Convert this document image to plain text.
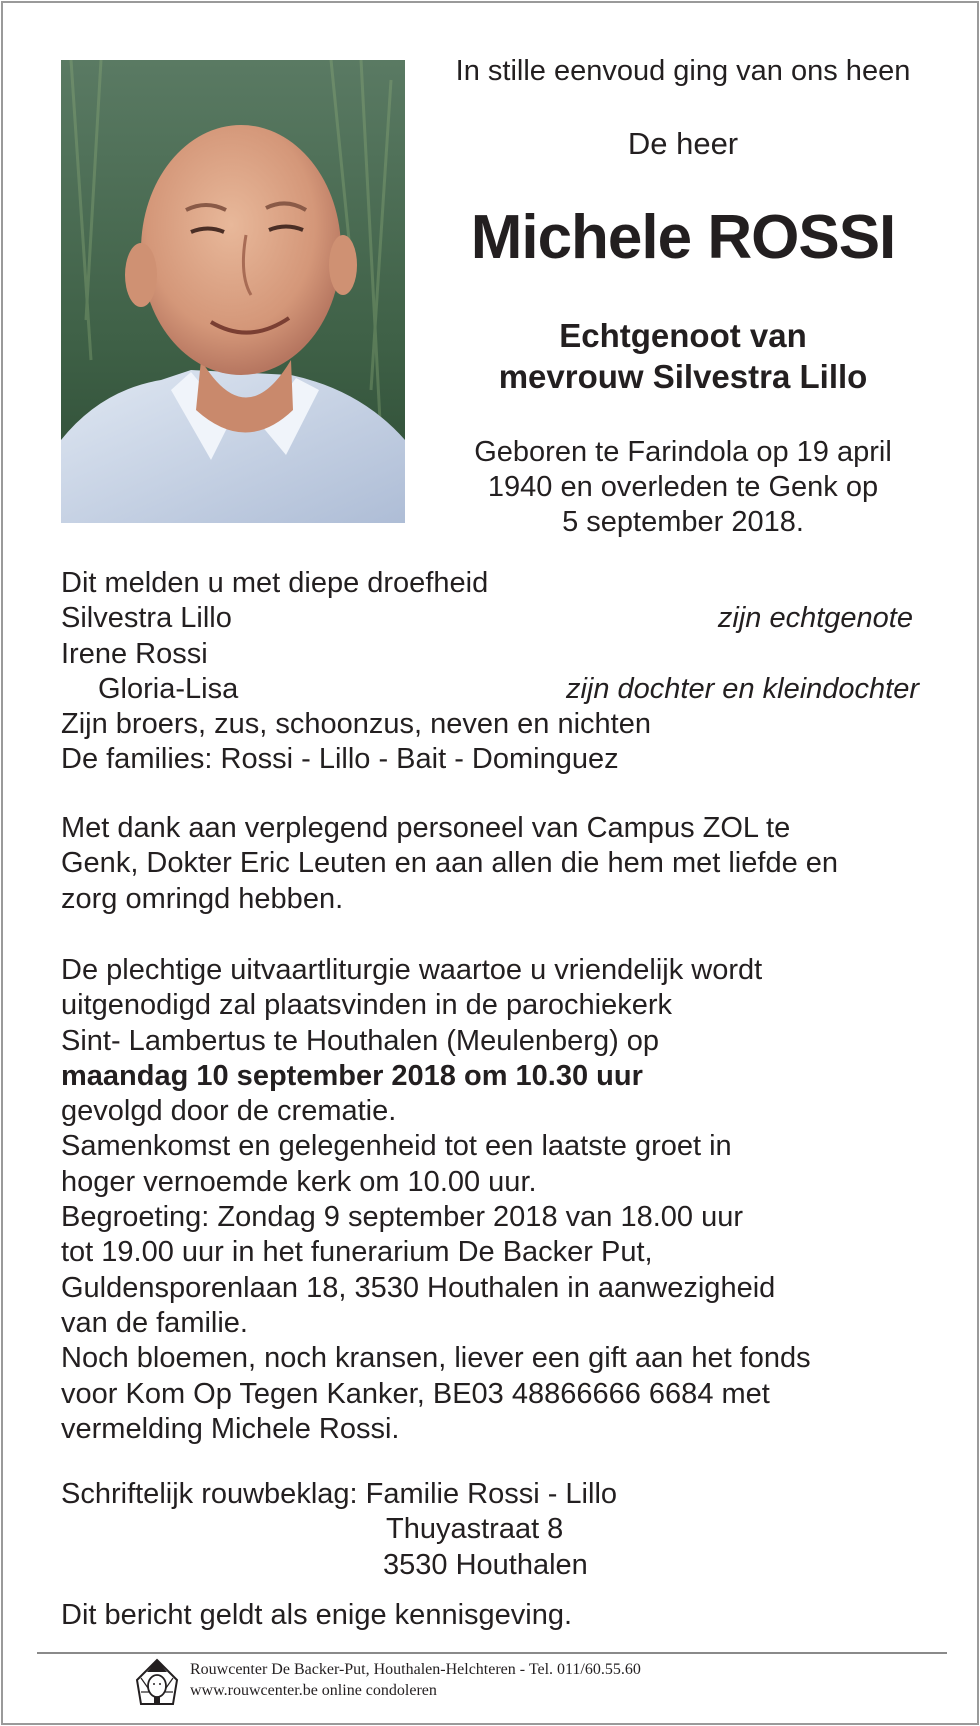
In stille eenvoud ging van ons heen
De heer
Michele ROSSI
Echtgenoot van
mevrouw Silvestra Lillo
Geboren te Farindola op 19 april
1940 en overleden te Genk op
5 september 2018.
Dit melden u met diepe droefheid
Silvestra Lillo	zijn echtgenote
Irene Rossi
Gloria-Lisa	zijn dochter en kleindochter
Zijn broers, zus, schoonzus, neven en nichten
De families: Rossi - Lillo - Bait - Dominguez
Met dank aan verplegend personeel van Campus ZOL te
Genk, Dokter Eric Leuten en aan allen die hem met liefde en
zorg omringd hebben.
De plechtige uitvaartliturgie waartoe u vriendelijk wordt
uitgenodigd zal plaatsvinden in de parochiekerk
Sint- Lambertus te Houthalen (Meulenberg) op
maandag 10 september 2018 om 10.30 uur
gevolgd door de crematie.
Samenkomst en gelegenheid tot een laatste groet in
hoger vernoemde kerk om 10.00 uur.
Begroeting: Zondag 9 september 2018 van 18.00 uur
tot 19.00 uur in het funerarium De Backer Put,
Guldensporenlaan 18, 3530 Houthalen in aanwezigheid
van de familie.
Noch bloemen, noch kransen, liever een gift aan het fonds
voor Kom Op Tegen Kanker, BE03 48866666 6684 met
vermelding Michele Rossi.
Schriftelijk rouwbeklag: Familie Rossi - Lillo
Thuyastraat 8
3530 Houthalen
Dit bericht geldt als enige kennisgeving.
Rouwcenter De Backer-Put, Houthalen-Helchteren - Tel. 011/60.55.60
www.rouwcenter.be online condoleren
